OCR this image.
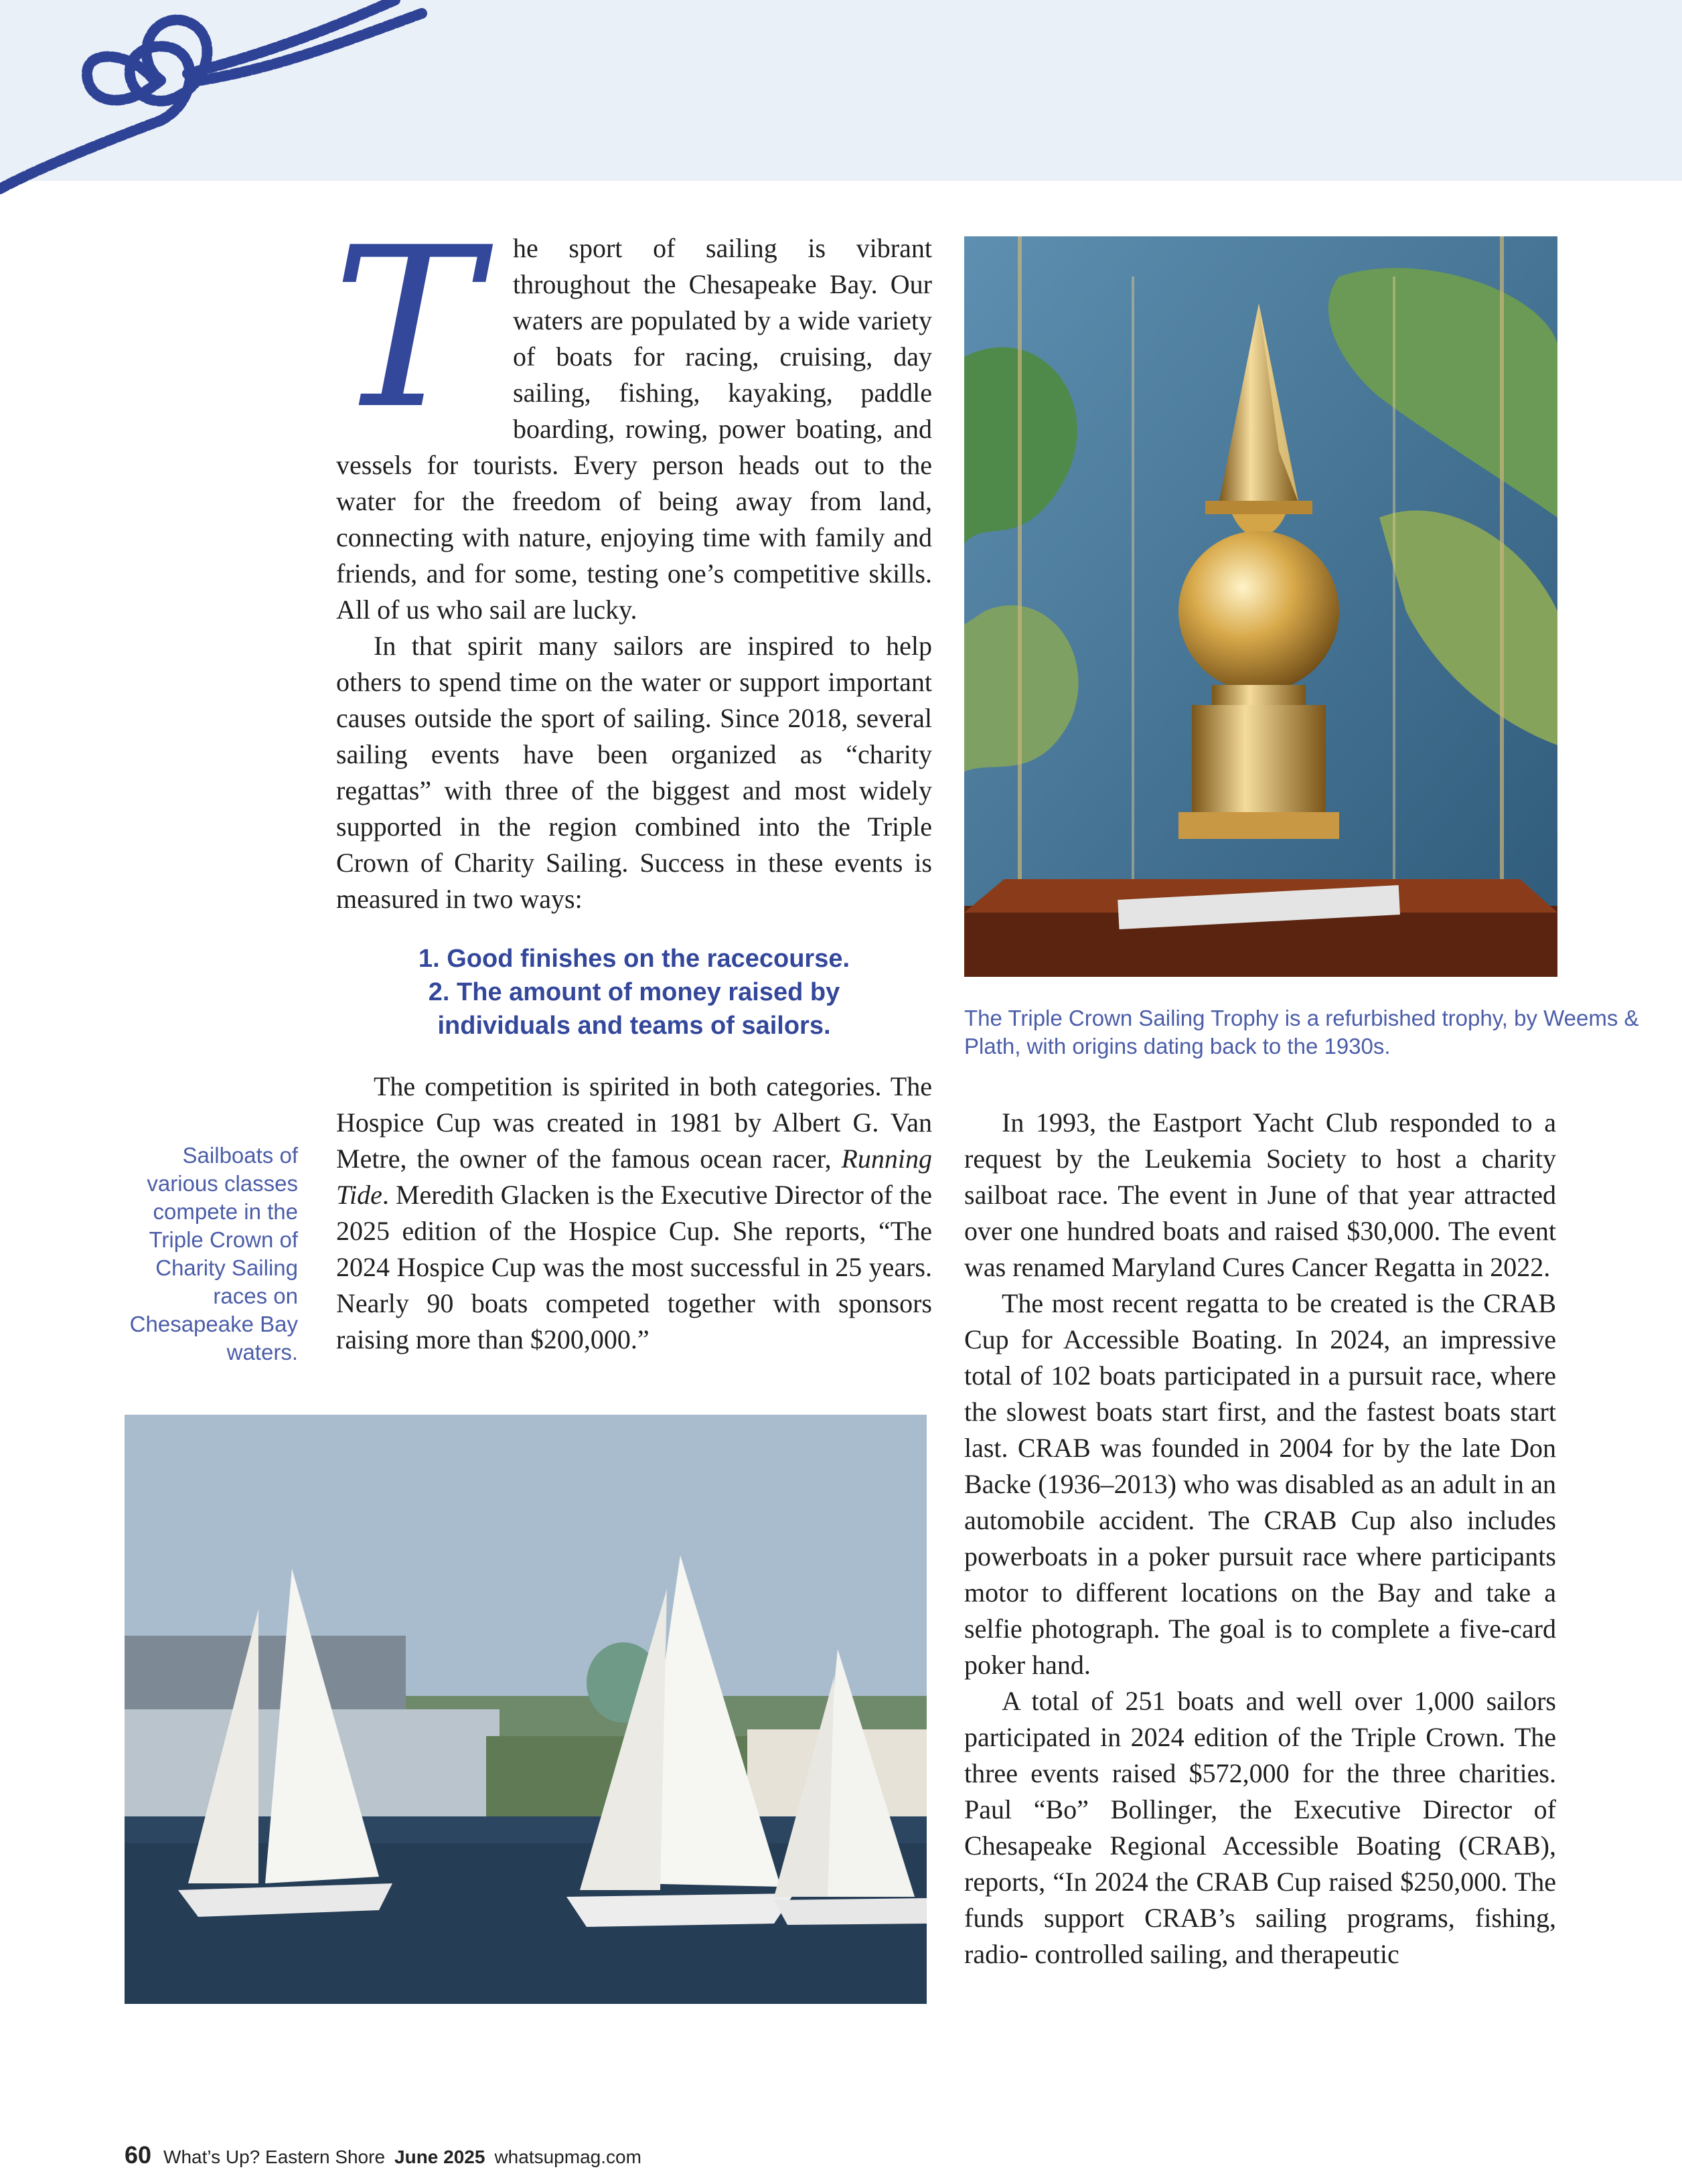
T	he sport of sailing is vibrant throughout the Chesapeake Bay. Our waters are populated by a wide variety of boats for racing, cruising, day sailing, fishing, kayaking, paddle boarding, rowing, power boating, and vessels for tourists. Every person heads out to the water for the freedom of being away from land, connecting with nature, enjoying time with family and friends, and for some, testing one’s competitive skills. All of us who sail are lucky.

In that spirit many sailors are inspired to help others to spend time on the water or support important causes outside the sport of sailing. Since 2018, several sailing events have been organized as “charity regattas” with three of the biggest and most widely supported in the region combined into the Triple Crown of Charity Sailing. Success in these events is measured in two ways:

1. Good finishes on the racecourse.
2. The amount of money raised by
individuals and teams of sailors.

The competition is spirited in both categories. The Hospice Cup was created in 1981 by Albert G. Van Metre, the owner of the famous ocean racer, Running Tide. Meredith Glacken is the Executive Director of the 2025 edition of the Hospice Cup. She reports, “The 2024 Hospice Cup was the most successful in 25 years. Nearly 90 boats competed together with sponsors raising more than $200,000.”

In 1993, the Eastport Yacht Club responded to a request by the Leukemia Society to host a charity sailboat race. The event in June of that year attracted over one hundred boats and raised $30,000. The event was renamed Maryland Cures Cancer Regatta in 2022.

The most recent regatta to be created is the CRAB Cup for Accessible Boating. In 2024, an impressive total of 102 boats participated in a pursuit race, where the slowest boats start first, and the fastest boats start last. CRAB was founded in 2004 for by the late Don Backe (1936–2013) who was disabled as an adult in an automobile accident. The CRAB Cup also includes powerboats in a poker pursuit race where participants motor to different locations on the Bay and take a selfie photograph. The goal is to complete a five-card poker hand.

A total of 251 boats and well over 1,000 sailors participated in 2024 edition of the Triple Crown. The three events raised $572,000 for the three charities. Paul “Bo” Bollinger, the Executive Director of Chesapeake Regional Accessible Boating (CRAB), reports, “In 2024 the CRAB Cup raised $250,000. The funds support CRAB’s sailing programs, fishing, radio- controlled sailing, and therapeutic

The Triple Crown Sailing Trophy is a refurbished trophy, by Weems & Plath, with origins dating back to the 1930s.
Sailboats of various classes compete in the Triple Crown of Charity Sailing races on Chesapeake Bay waters.
60 What’s Up? Eastern Shore June 2025 whatsupmag.com
